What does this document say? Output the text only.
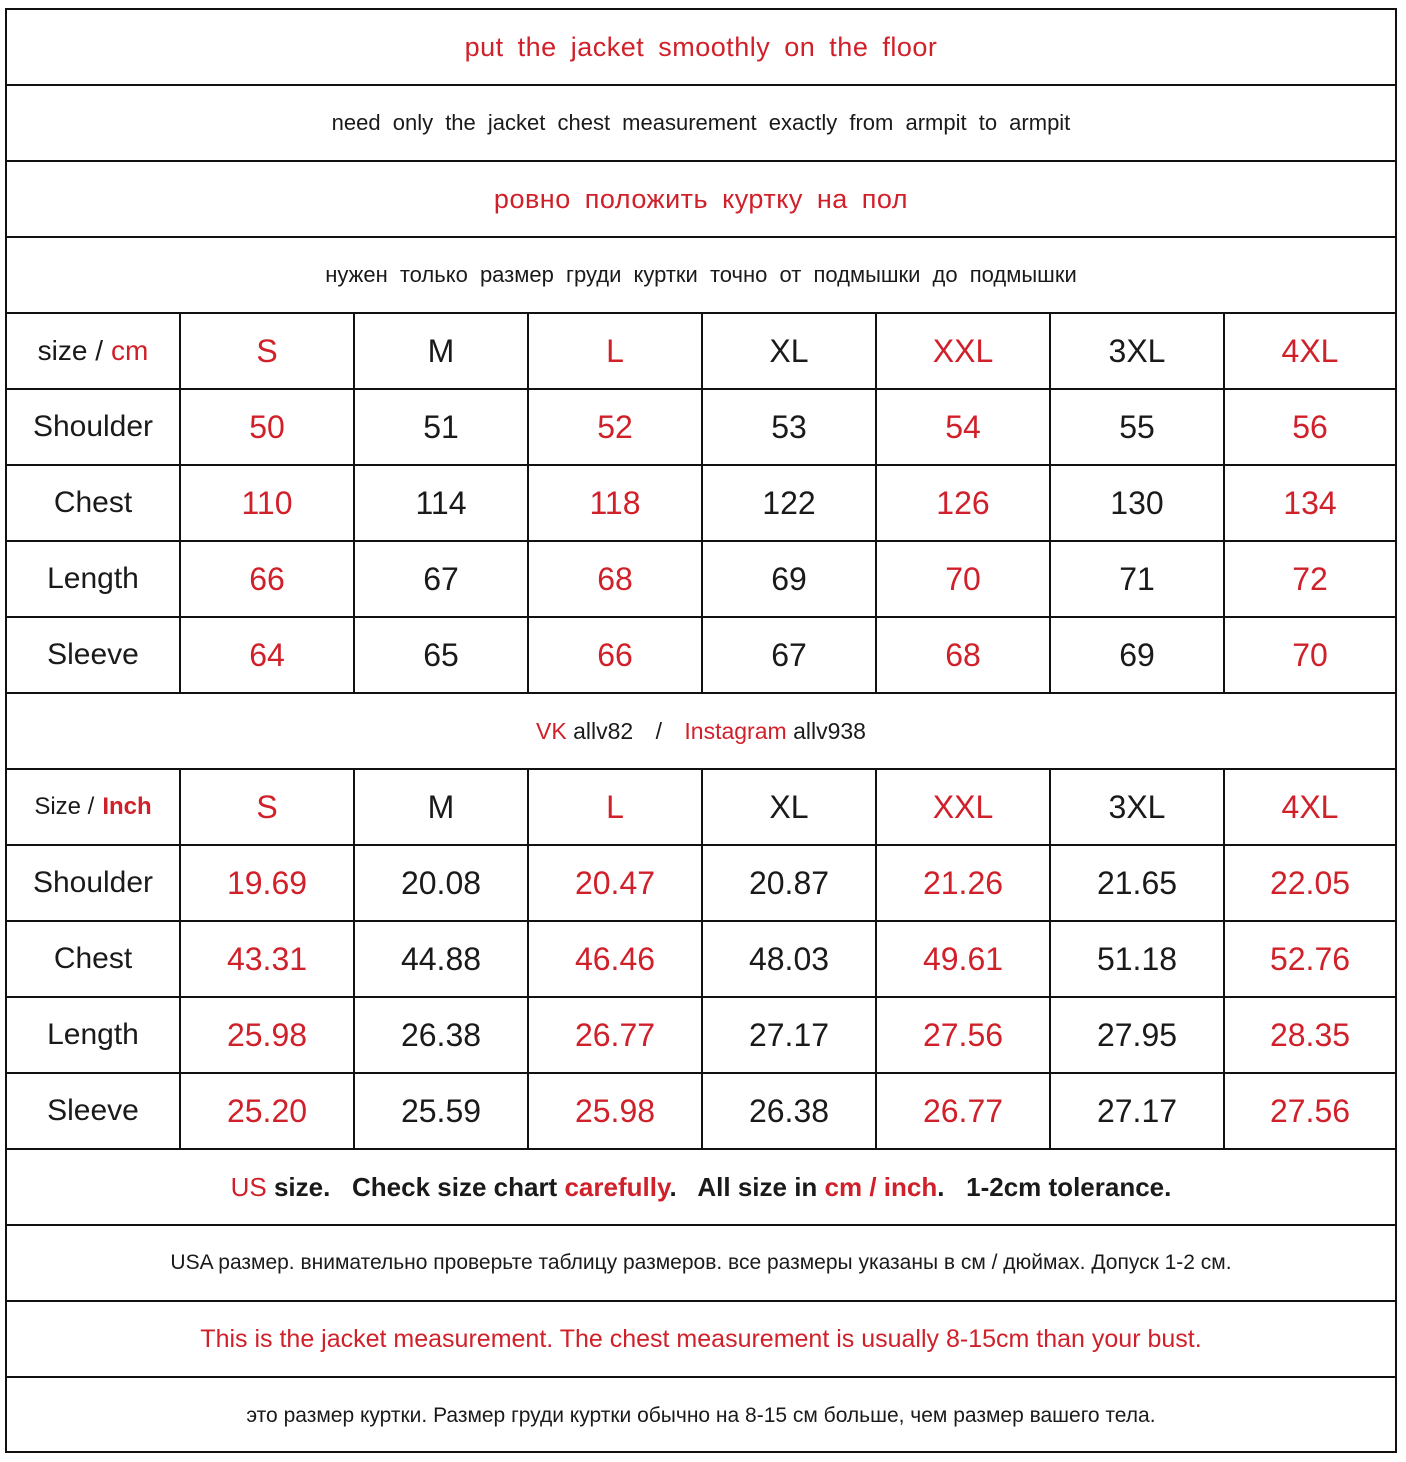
put the jacket smoothly on the floor
need only the jacket chest measurement exactly from armpit to armpit
ровно положить куртку на пол
нужен только размер груди куртки точно от подмышки до подмышки
size / cm	S	M	L	XL	XXL	3XL	4XL
Shoulder	50	51	52	53	54	55	56
Chest	110	114	118	122	126	130	134
Length	66	67	68	69	70	71	72
Sleeve	64	65	66	67	68	69	70
VK allv82 / Instagram allv938
Size / Inch	S	M	L	XL	XXL	3XL	4XL
Shoulder	19.69	20.08	20.47	20.87	21.26	21.65	22.05
Chest	43.31	44.88	46.46	48.03	49.61	51.18	52.76
Length	25.98	26.38	26.77	27.17	27.56	27.95	28.35
Sleeve	25.20	25.59	25.98	26.38	26.77	27.17	27.56
US size.   Check size chart carefully.   All size in cm / inch.   1-2cm tolerance.
USA размер. внимательно проверьте таблицу размеров. все размеры указаны в см / дюймах. Допуск 1-2 см.
This is the jacket measurement. The chest measurement is usually 8-15cm than your bust.
это размер куртки. Размер груди куртки обычно на 8-15 см больше, чем размер вашего тела.
